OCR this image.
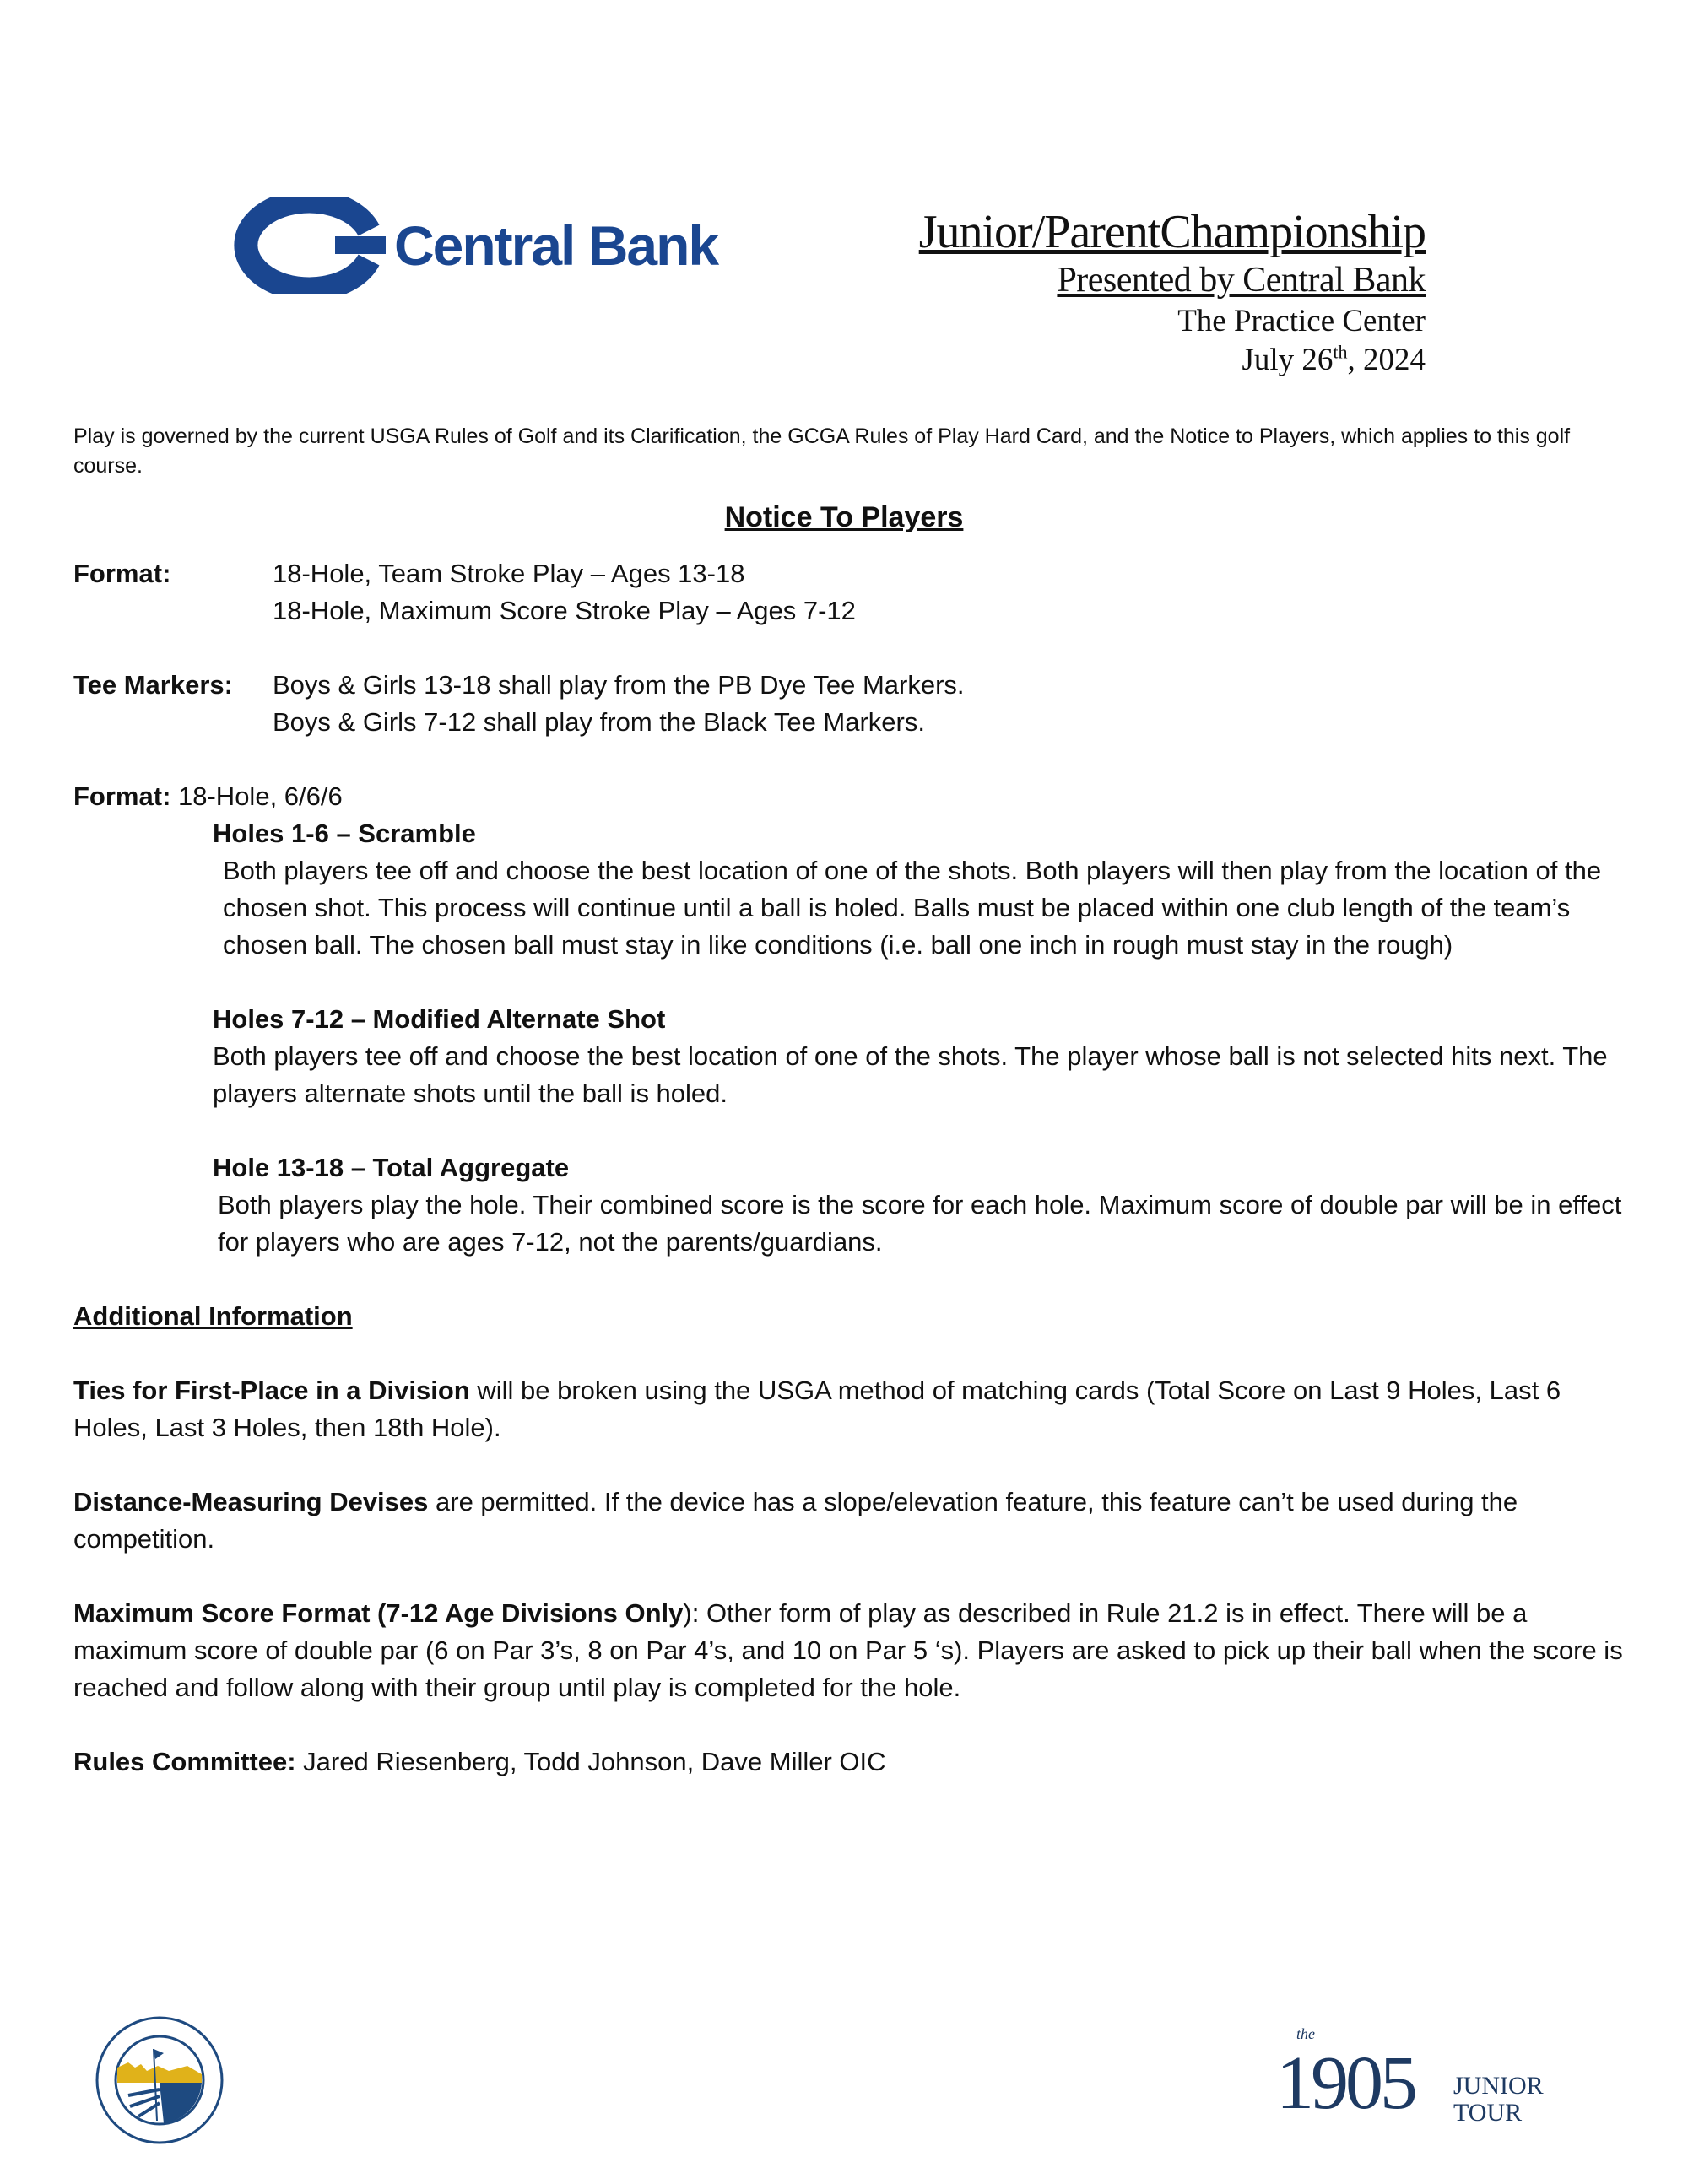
Central Bank	Junior/ParentChampionship
Presented by Central Bank
The Practice Center
July 26th, 2024
Play is governed by the current USGA Rules of Golf and its Clarification, the GCGA Rules of Play Hard Card, and the Notice to Players, which applies to this golf course.
Notice To Players
Format:	18-Hole, Team Stroke Play – Ages 13-18
18-Hole, Maximum Score Stroke Play – Ages 7-12
Tee Markers:	Boys & Girls 13-18 shall play from the PB Dye Tee Markers.
Boys & Girls 7-12 shall play from the Black Tee Markers.
Format: 18-Hole, 6/6/6
Holes 1-6 – Scramble
Both players tee off and choose the best location of one of the shots. Both players will then play from the location of the chosen shot. This process will continue until a ball is holed. Balls must be placed within one club length of the team’s chosen ball. The chosen ball must stay in like conditions (i.e. ball one inch in rough must stay in the rough)
Holes 7-12 – Modified Alternate Shot
Both players tee off and choose the best location of one of the shots. The player whose ball is not selected hits next. The players alternate shots until the ball is holed.
Hole 13-18 – Total Aggregate
Both players play the hole. Their combined score is the score for each hole. Maximum score of double par will be in effect for players who are ages 7-12, not the parents/guardians.
Additional Information
Ties for First-Place in a Division will be broken using the USGA method of matching cards (Total Score on Last 9 Holes, Last 6 Holes, Last 3 Holes, then 18th Hole).
Distance-Measuring Devises are permitted. If the device has a slope/elevation feature, this feature can’t be used during the competition.
Maximum Score Format (7-12 Age Divisions Only): Other form of play as described in Rule 21.2 is in effect. There will be a maximum score of double par (6 on Par 3’s, 8 on Par 4’s, and 10 on Par 5 ‘s). Players are asked to pick up their ball when the score is reached and follow along with their group until play is completed for the hole.
Rules Committee: Jared Riesenberg, Todd Johnson, Dave Miller OIC
the
1905 JUNIOR
TOUR
